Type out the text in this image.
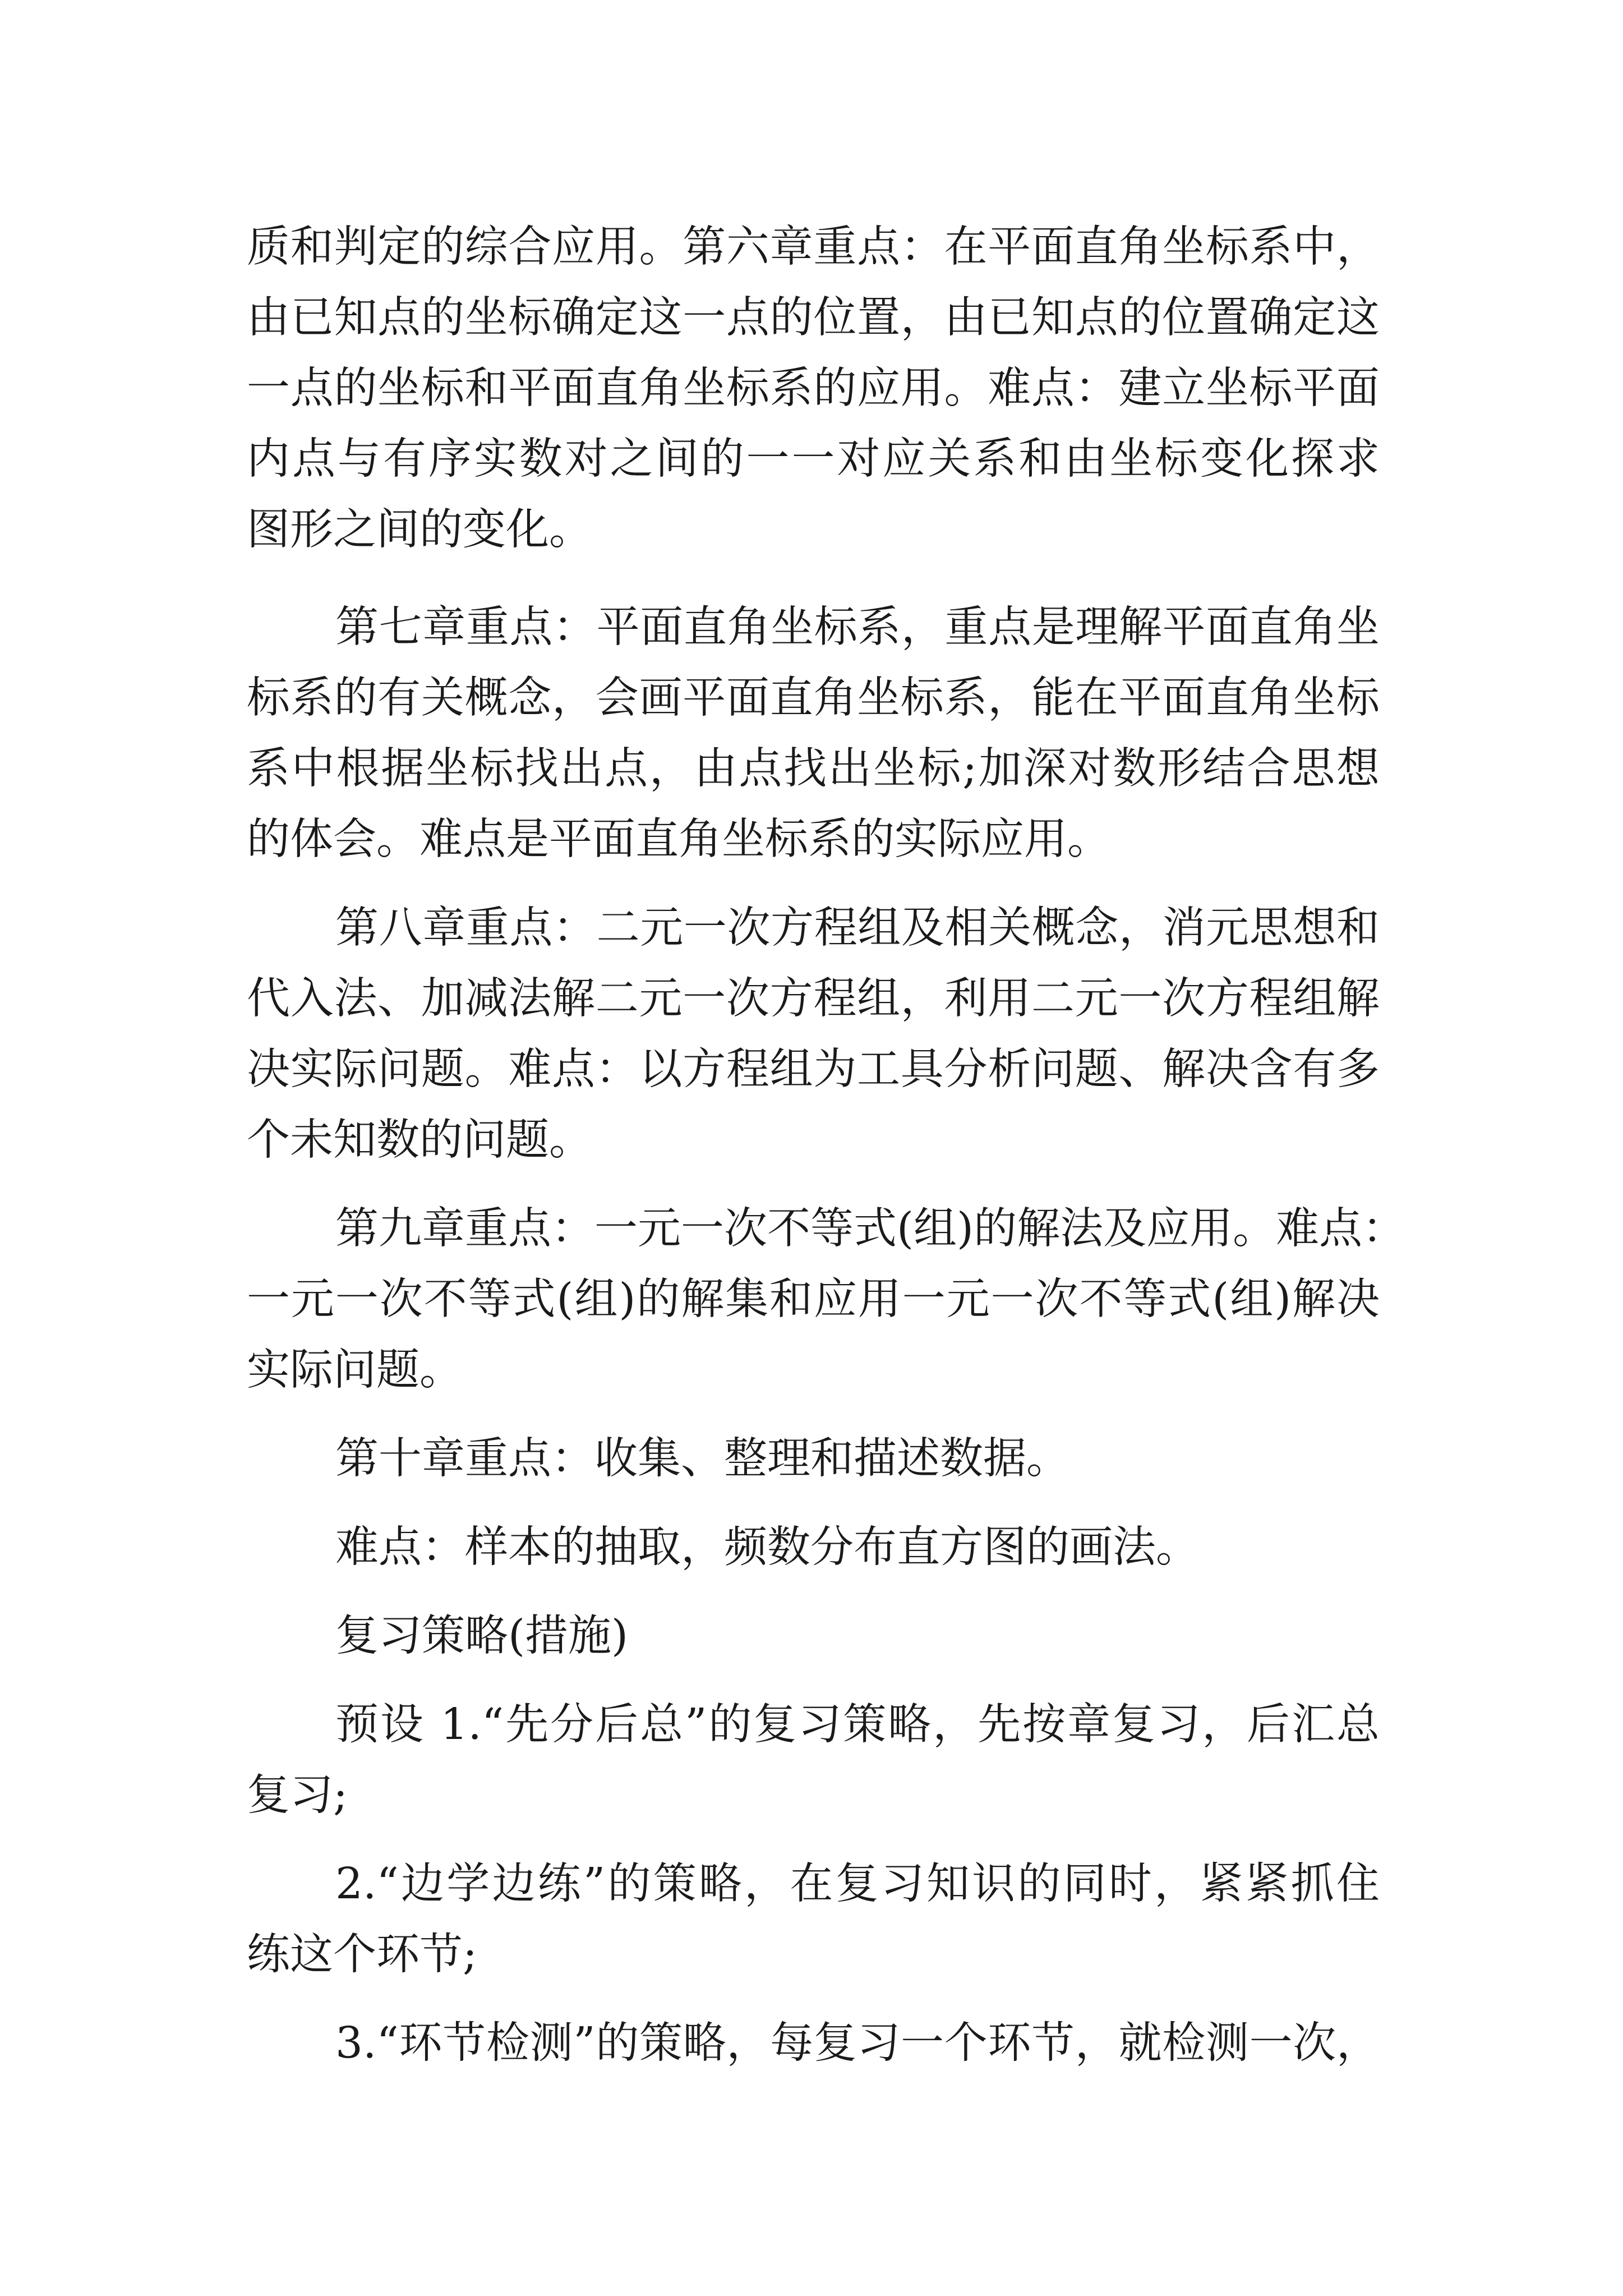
质和判定的综合应用。第六章重点：在平面直角坐标系中，
由已知点的坐标确定这一点的位置，由已知点的位置确定这
一点的坐标和平面直角坐标系的应用。难点：建立坐标平面
内点与有序实数对之间的一一对应关系和由坐标变化探求
图形之间的变化。
第七章重点：平面直角坐标系，重点是理解平面直角坐
标系的有关概念，会画平面直角坐标系，能在平面直角坐标
系中根据坐标找出点，由点找出坐标;加深对数形结合思想
的体会。难点是平面直角坐标系的实际应用。
第八章重点：二元一次方程组及相关概念，消元思想和
代入法、加减法解二元一次方程组，利用二元一次方程组解
决实际问题。难点：以方程组为工具分析问题、解决含有多
个未知数的问题。
第九章重点：一元一次不等式(组)的解法及应用。难点：
一元一次不等式(组)的解集和应用一元一次不等式(组)解决
实际问题。
第十章重点：收集、整理和描述数据。
难点：样本的抽取，频数分布直方图的画法。
复习策略(措施)
预设 1.“先分后总”的复习策略，先按章复习，后汇总
复习;
2.“边学边练”的策略，在复习知识的同时，紧紧抓住
练这个环节;
3.“环节检测”的策略，每复习一个环节，就检测一次，
